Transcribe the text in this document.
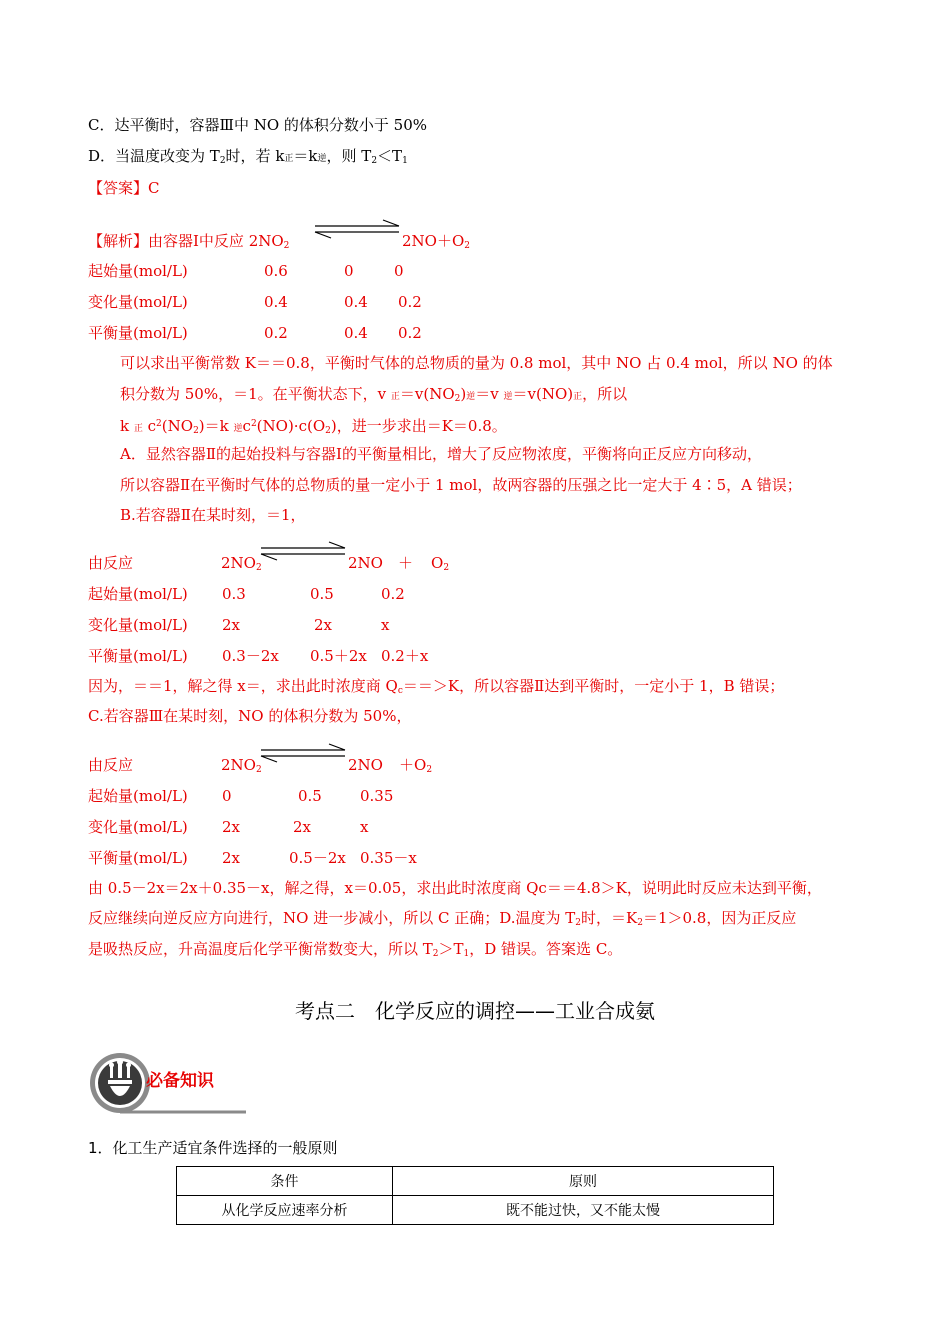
C．达平衡时，容器Ⅲ中 NO 的体积分数小于 50%
D．当温度改变为 $T_2$时，若 k正＝k逆，则 $T_2<T_1$
【答案】C
【解析】由容器Ⅰ中反应 $2NO_2$	$2NO+O_2$
起始量(mol/L)	0.6	0	0
变化量(mol/L)	0.4	0.4 0.2
平衡量(mol/L)	0.2	0.4 0.2
可以求出平衡常数 K＝＝0.8，平衡时气体的总物质的量为 0.8 mol，其中 NO 占 0.4 mol，所以 NO 的体
积分数为 50%，＝1。在平衡状态下，v 正$=v(NO_2)$逆＝v 逆＝v(NO)正，所以
k 正 $c^2(NO_2)=k$ 逆$c^2(NO)\cdot c(O_2)$，进一步求出＝K＝0.8。
A．显然容器Ⅱ的起始投料与容器Ⅰ的平衡量相比，增大了反应物浓度，平衡将向正反应方向移动，
所以容器Ⅱ在平衡时气体的总物质的量一定小于 1 mol，故两容器的压强之比一定大于 4∶5，A 错误；
B.若容器Ⅱ在某时刻，＝1，
由反应	$2NO_2$	$2NO + O_2$
起始量(mol/L) 0.3	0.5	0.2
变化量(mol/L) 2x	2x	x
平衡量(mol/L) 0.3－2x 0.5＋2x 0.2＋x
因为，＝＝1，解之得 x＝，求出此时浓度商 $Q_c==>K$，所以容器Ⅱ达到平衡时，一定小于 1，B 错误；
C.若容器Ⅲ在某时刻，NO 的体积分数为 50%，
由反应	$2NO_2$	$2NO +O_2$
起始量(mol/L) 0	0.5	0.35
变化量(mol/L) 2x	2x	x
平衡量(mol/L) 2x	0.5－2x 0.35－x
由 0.5－2x＝2x＋0.35－x，解之得，x＝0.05，求出此时浓度商 Qc＝＝4.8＞K，说明此时反应未达到平衡，
反应继续向逆反应方向进行，NO 进一步减小，所以 C 正确；D.温度为 $T_2$时，$=K_2=1>0.8$，因为正反应
是吸热反应，升高温度后化学平衡常数变大，所以 $T_2>T_1$，D 错误。答案选 C。
考点二　化学反应的调控——工业合成氨
必备知识
1．化工生产适宜条件选择的一般原则
条件	原则
从化学反应速率分析	既不能过快，又不能太慢
